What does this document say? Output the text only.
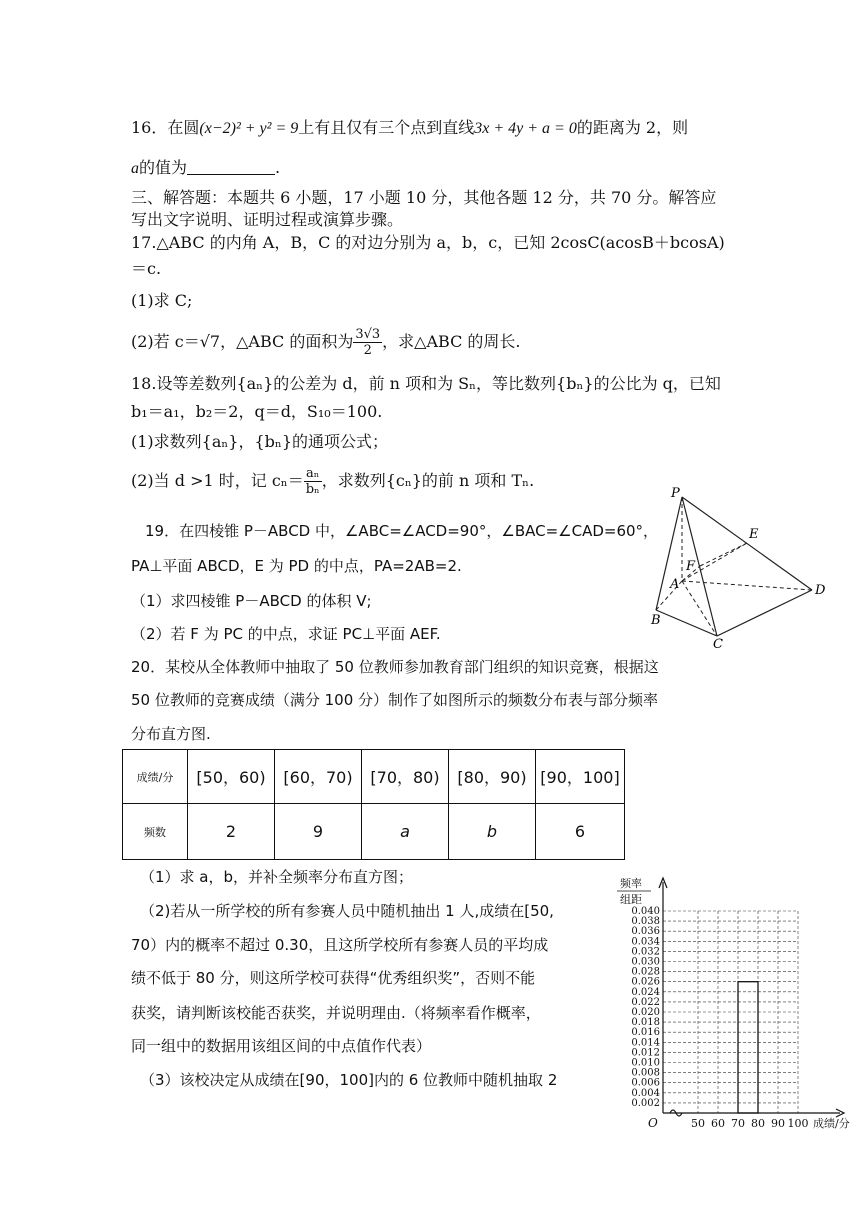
16．在圆(x−2)² + y² = 9上有且仅有三个点到直线3x + 4y + a = 0的距离为 2，则
a的值为	.
三、解答题：本题共 6 小题，17 小题 10 分，其他各题 12 分，共 70 分。解答应
写出文字说明、证明过程或演算步骤。
17.△ABC 的内角 A，B，C 的对边分别为 a，b，c，已知 2cosC(acosB＋bcosA)
＝c.
(1)求 C;
(2)若 c＝√7，△ABC 的面积为 $\frac{3√3}{2}$ ，求△ABC 的周长.
18.设等差数列{aₙ}的公差为 d，前 n 项和为 Sₙ，等比数列{bₙ}的公比为 q，已知
b₁＝a₁，b₂＝2，q＝d，S₁₀＝100.
(1)求数列{aₙ}，{bₙ}的通项公式；
(2)当 d >1 时，记 $c_n= \frac{\text{aₙ}}{\text{bₙ}}$ ，求数列{cₙ}的前 n 项和 Tₙ.
19．在四棱锥 P－ABCD 中，∠ABC=∠ACD=90°，∠BAC=∠CAD=60°，
PA⊥平面 ABCD，E 为 PD 的中点，PA=2AB=2.
（1）求四棱锥 P－ABCD 的体积 V;
（2）若 F 为 PC 的中点，求证 PC⊥平面 AEF.
P
E
F
A
B
C
D
20．某校从全体教师中抽取了 50 位教师参加教育部门组织的知识竞赛，根据这
50 位教师的竞赛成绩（满分 100 分）制作了如图所示的频数分布表与部分频率
分布直方图.
成绩/分	[50，60)	[60，70)	[70，80)	[80，90)	[90，100]
频数	2	9	a	b	6
（1）求 a，b，并补全频率分布直方图；
（2)若从一所学校的所有参赛人员中随机抽出 1 人,成绩在[50,
70）内的概率不超过 0.30，且这所学校所有参赛人员的平均成
绩不低于 80 分，则这所学校可获得“优秀组织奖”，否则不能
获奖，请判断该校能否获奖，并说明理由.（将频率看作概率，
同一组中的数据用该组区间的中点值作代表）
（3）该校决定从成绩在[90，100]内的 6 位教师中随机抽取 2
0.002
0.004
0.006
0.008
0.010
0.012
0.014
0.016
0.018
0.020
0.022
0.024
0.026
0.028
0.030
0.032
0.034
0.036
0.038
0.040
50 60 70 80 90 100 成绩/分
O
频率
组距
